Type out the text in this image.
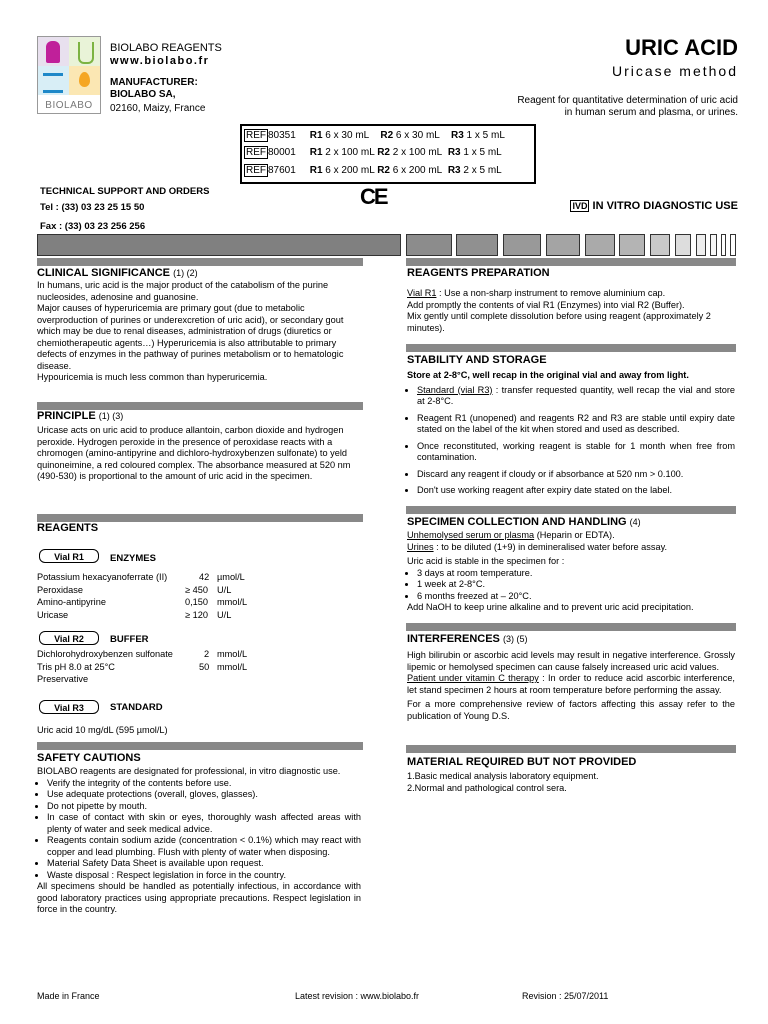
BIOLABO
BIOLABO REAGENTS
www.biolabo.fr
MANUFACTURER:
BIOLABO SA,
02160, Maizy, France
URIC ACID
Uricase method
Reagent for quantitative determination of uric acid
in human serum and plasma, or urines.
REF 80351 R1 6 x 30 mL R2 6 x 30 mL R3 1 x 5 mL
REF 80001 R1 2 x 100 mL R2 2 x 100 mL R3 1 x 5 mL
REF 87601 R1 6 x 200 mL R2 6 x 200 mL R3 2 x 5 mL
TECHNICAL SUPPORT AND ORDERS
Tel : (33) 03 23 25 15 50
Fax : (33) 03 23 256 256
CE	IVD IN VITRO DIAGNOSTIC USE
CLINICAL SIGNIFICANCE (1) (2)
In humans, uric acid is the major product of the catabolism of the purine nucleosides, adenosine and guanosine.
Major causes of hyperuricemia are primary gout (due to metabolic overproduction of purines or underexcretion of uric acid), or secondary gout which may be due to renal diseases, administration of drugs (diuretics or chemiotherapeutic agents…) Hyperuricemia is also attributable to primary defects of enzymes in the pathway of purines metabolism or to hematologic disease.
Hypouricemia is much less common than hyperuricemia.
PRINCIPLE (1) (3)
Uricase acts on uric acid to produce allantoin, carbon dioxide and hydrogen peroxide. Hydrogen peroxide in the presence of peroxidase reacts with a chromogen (amino-antipyrine and dichloro-hydroxybenzen sulfonate) to yeld quinoneimine, a red coloured complex. The absorbance measured at 520 nm (490-530) is proportional to the amount of uric acid in the specimen.
REAGENTS
Vial R1	ENZYMES
Potassium hexacyanoferrate (II)	42 µmol/L
Peroxidase	≥ 450 U/L
Amino-antipyrine	0,150 mmol/L
Uricase	≥ 120 U/L
Vial R2	BUFFER
Dichlorohydroxybenzen sulfonate	2 mmol/L
Tris pH 8.0 at 25°C	50 mmol/L
Preservative
Vial R3	STANDARD
Uric acid 10 mg/dL (595 µmol/L)
SAFETY CAUTIONS
BIOLABO reagents are designated for professional, in vitro diagnostic use.
• Verify the integrity of the contents before use.
• Use adequate protections (overall, gloves, glasses).
• Do not pipette by mouth.
• In case of contact with skin or eyes, thoroughly wash affected areas with plenty of water and seek medical advice.
• Reagents contain sodium azide (concentration < 0.1%) which may react with copper and lead plumbing. Flush with plenty of water when disposing.
• Material Safety Data Sheet is available upon request.
• Waste disposal : Respect legislation in force in the country.
All specimens should be handled as potentially infectious, in accordance with good laboratory practices using appropriate precautions. Respect legislation in force in the country.
REAGENTS PREPARATION
Vial R1 : Use a non-sharp instrument to remove aluminium cap.
Add promptly the contents of vial R1 (Enzymes) into vial R2 (Buffer).
Mix gently until complete dissolution before using reagent (approximately 2 minutes).
STABILITY AND STORAGE
Store at 2-8°C, well recap in the original vial and away from light.
• Standard (vial R3) : transfer requested quantity, well recap the vial and store at 2-8°C.
• Reagent R1 (unopened) and reagents R2 and R3 are stable until expiry date stated on the label of the kit when stored and used as described.
• Once reconstituted, working reagent is stable for 1 month when free from contamination.
• Discard any reagent if cloudy or if absorbance at 520 nm > 0.100.
• Don't use working reagent after expiry date stated on the label.
SPECIMEN COLLECTION AND HANDLING (4)
Unhemolysed serum or plasma (Heparin or EDTA).
Urines : to be diluted (1+9) in demineralised water before assay.
Uric acid is stable in the specimen for :
• 3 days at room temperature.
• 1 week at 2-8°C.
• 6 months freezed at – 20°C.
Add NaOH to keep urine alkaline and to prevent uric acid precipitation.
INTERFERENCES (3) (5)
High bilirubin or ascorbic acid levels may result in negative interference. Grossly lipemic or hemolysed specimen can cause falsely increased uric acid values.
Patient under vitamin C therapy : In order to reduce acid ascorbic interference, let stand specimen 2 hours at room temperature before performing the assay.
For a more comprehensive review of factors affecting this assay refer to the publication of Young D.S.
MATERIAL REQUIRED BUT NOT PROVIDED
1.Basic medical analysis laboratory equipment.
2.Normal and pathological control sera.
Made in France	Latest revision : www.biolabo.fr	Revision : 25/07/2011
